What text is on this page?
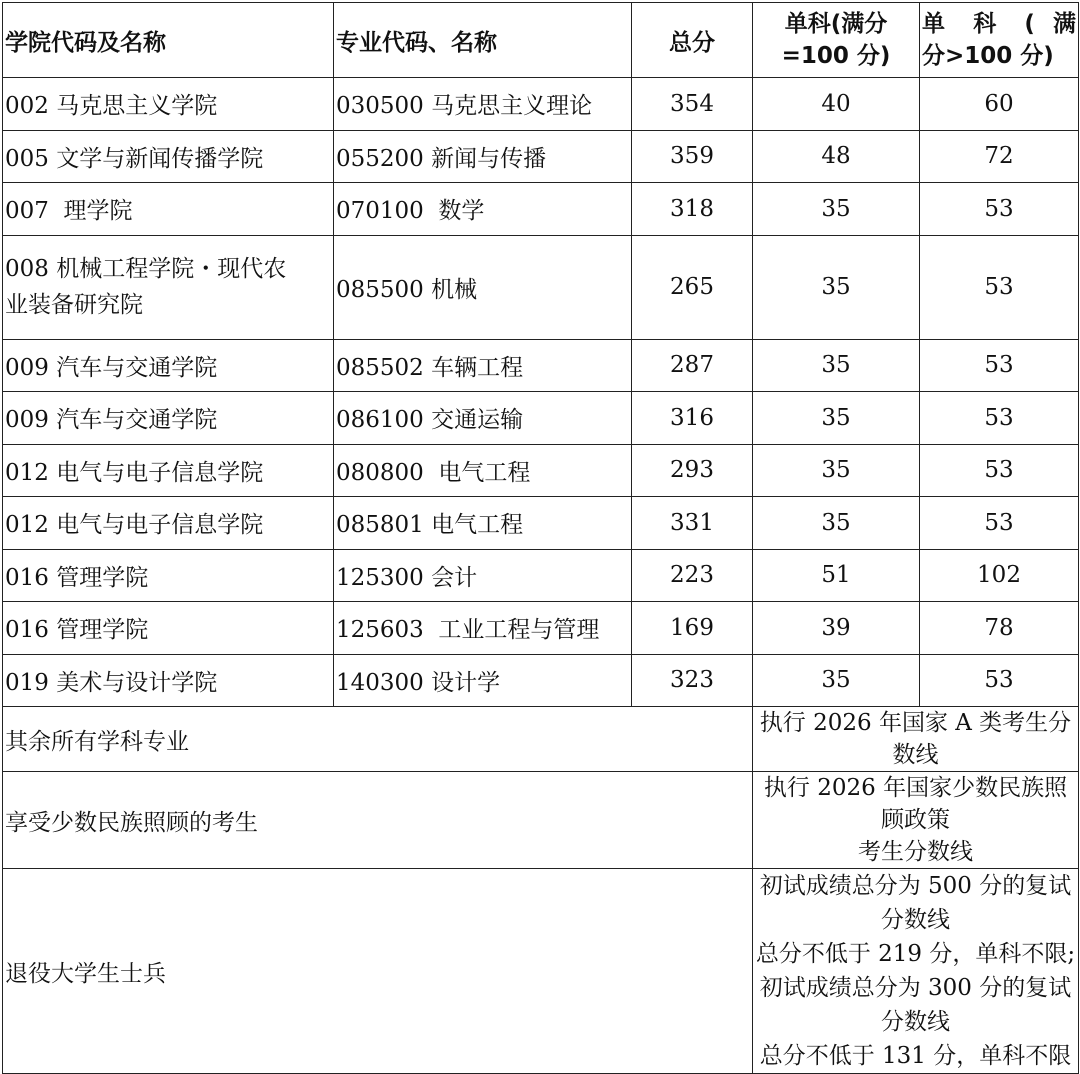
学院代码及名称	专业代码、名称	总分	单科(满分
=100 分)	单 科 ( 满
分>100 分)

002 马克思主义学院	030500 马克思主义理论	354	40	60
005 文学与新闻传播学院	055200 新闻与传播	359	48	72
007  理学院	070100  数学	318	35	53

008 机械工程学院・现代农
业装备研究院	085500 机械	265	35	53
009 汽车与交通学院	085502 车辆工程	287	35	53
009 汽车与交通学院	086100 交通运输	316	35	53
012 电气与电子信息学院	080800  电气工程	293	35	53
012 电气与电子信息学院	085801 电气工程	331	35	53
016 管理学院	125300 会计	223	51	102
016 管理学院	125603  工业工程与管理	169	39	78
019 美术与设计学院	140300 设计学	323	35	53
其余所有学科专业			执行 2026 年国家 A 类考生分数线	

享受少数民族照顾的考生			执行 2026 年国家少数民族照顾政策
考生分数线	

退役大学生士兵			初试成绩总分为 500 分的复试分数线
总分不低于 219 分，单科不限;
初试成绩总分为 300 分的复试分数线
总分不低于 131 分，单科不限	
